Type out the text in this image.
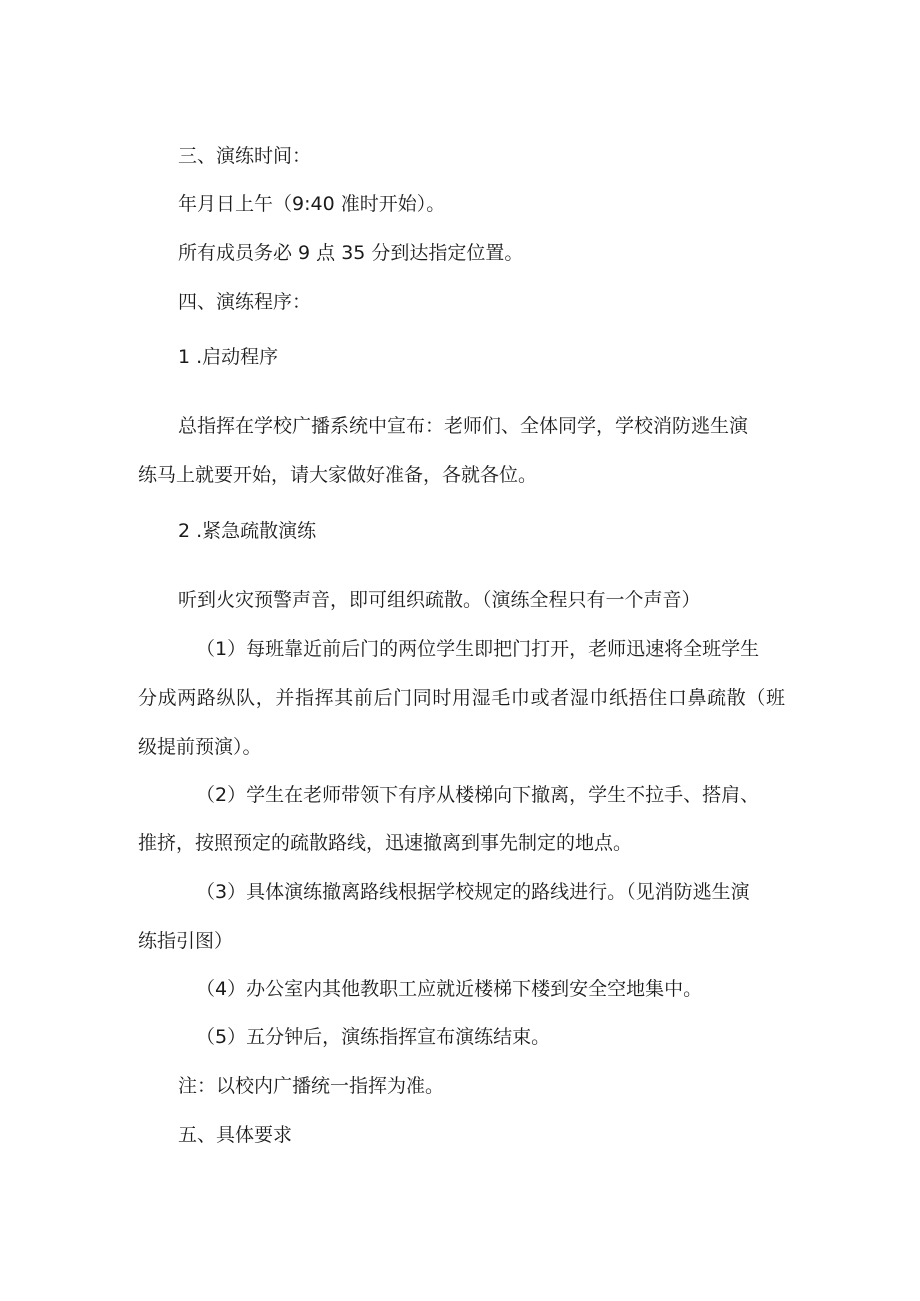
三、演练时间：

年月日上午（9:40 准时开始）。

所有成员务必 9 点 35 分到达指定位置。

四、演练程序：

1 .启动程序

总指挥在学校广播系统中宣布：老师们、全体同学，学校消防逃生演

练马上就要开始，请大家做好准备，各就各位。

2 .紧急疏散演练

听到火灾预警声音，即可组织疏散。（演练全程只有一个声音）

（1）每班靠近前后门的两位学生即把门打开，老师迅速将全班学生

分成两路纵队，并指挥其前后门同时用湿毛巾或者湿巾纸捂住口鼻疏散（班

级提前预演）。

（2）学生在老师带领下有序从楼梯向下撤离，学生不拉手、搭肩、

推挤，按照预定的疏散路线，迅速撤离到事先制定的地点。

（3）具体演练撤离路线根据学校规定的路线进行。（见消防逃生演

练指引图）

（4）办公室内其他教职工应就近楼梯下楼到安全空地集中。

（5）五分钟后，演练指挥宣布演练结束。

注：以校内广播统一指挥为准。

五、具体要求
